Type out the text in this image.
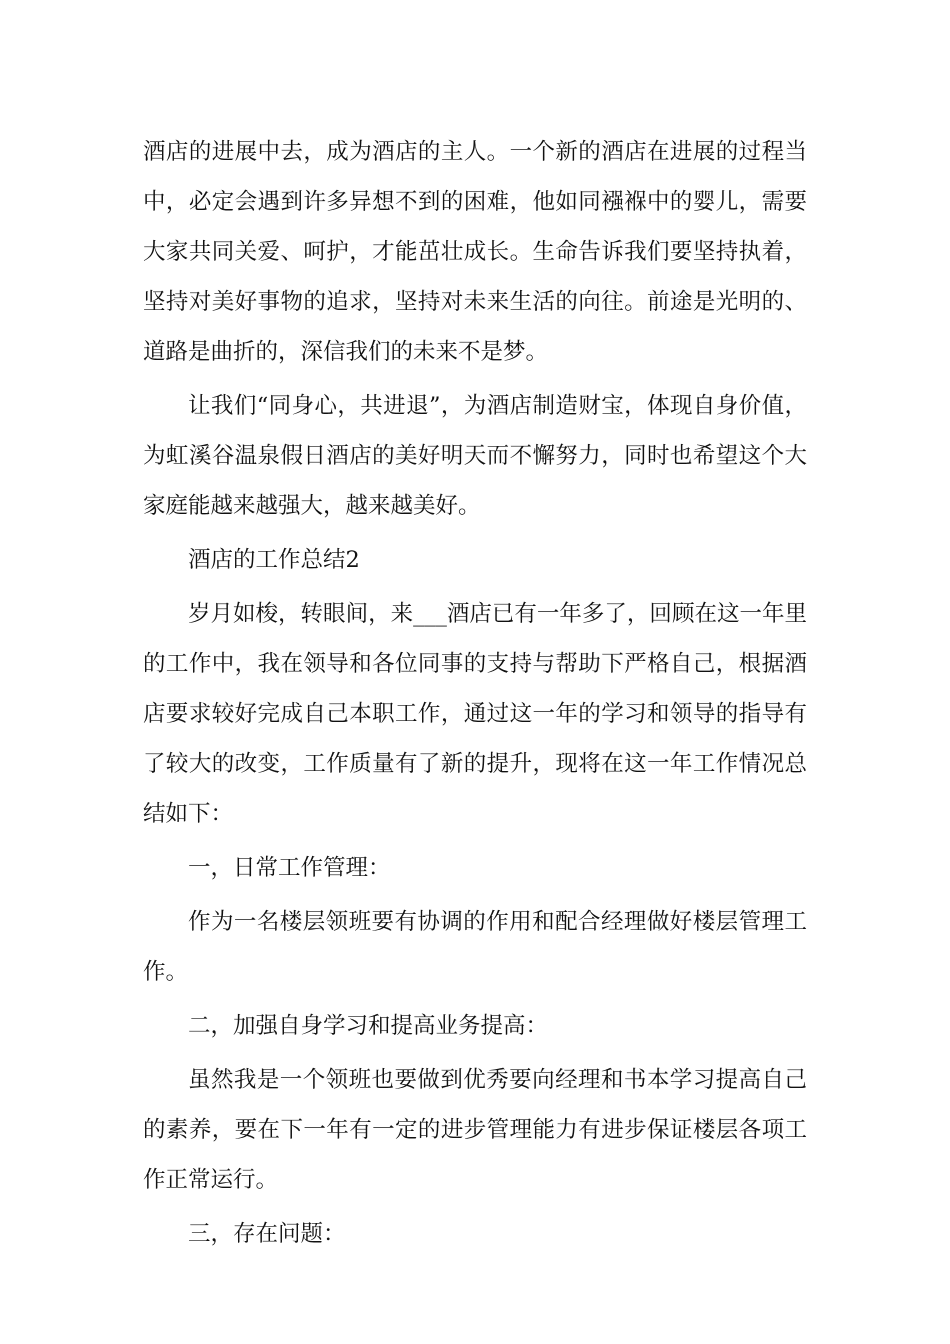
酒店的进展中去，成为酒店的主人。一个新的酒店在进展的过程当中，必定会遇到许多异想不到的困难，他如同襁褓中的婴儿，需要大家共同关爱、呵护，才能茁壮成长。生命告诉我们要坚持执着，坚持对美好事物的追求，坚持对未来生活的向往。前途是光明的、道路是曲折的，深信我们的未来不是梦。

让我们“同身心，共进退”，为酒店制造财宝，体现自身价值，为虹溪谷温泉假日酒店的美好明天而不懈努力，同时也希望这个大家庭能越来越强大，越来越美好。

酒店的工作总结2

岁月如梭，转眼间，来___酒店已有一年多了，回顾在这一年里的工作中，我在领导和各位同事的支持与帮助下严格自己，根据酒店要求较好完成自己本职工作，通过这一年的学习和领导的指导有了较大的改变，工作质量有了新的提升，现将在这一年工作情况总结如下：

一，日常工作管理：

作为一名楼层领班要有协调的作用和配合经理做好楼层管理工作。

二，加强自身学习和提高业务提高：

虽然我是一个领班也要做到优秀要向经理和书本学习提高自己的素养，要在下一年有一定的进步管理能力有进步保证楼层各项工作正常运行。

三，存在问题：
